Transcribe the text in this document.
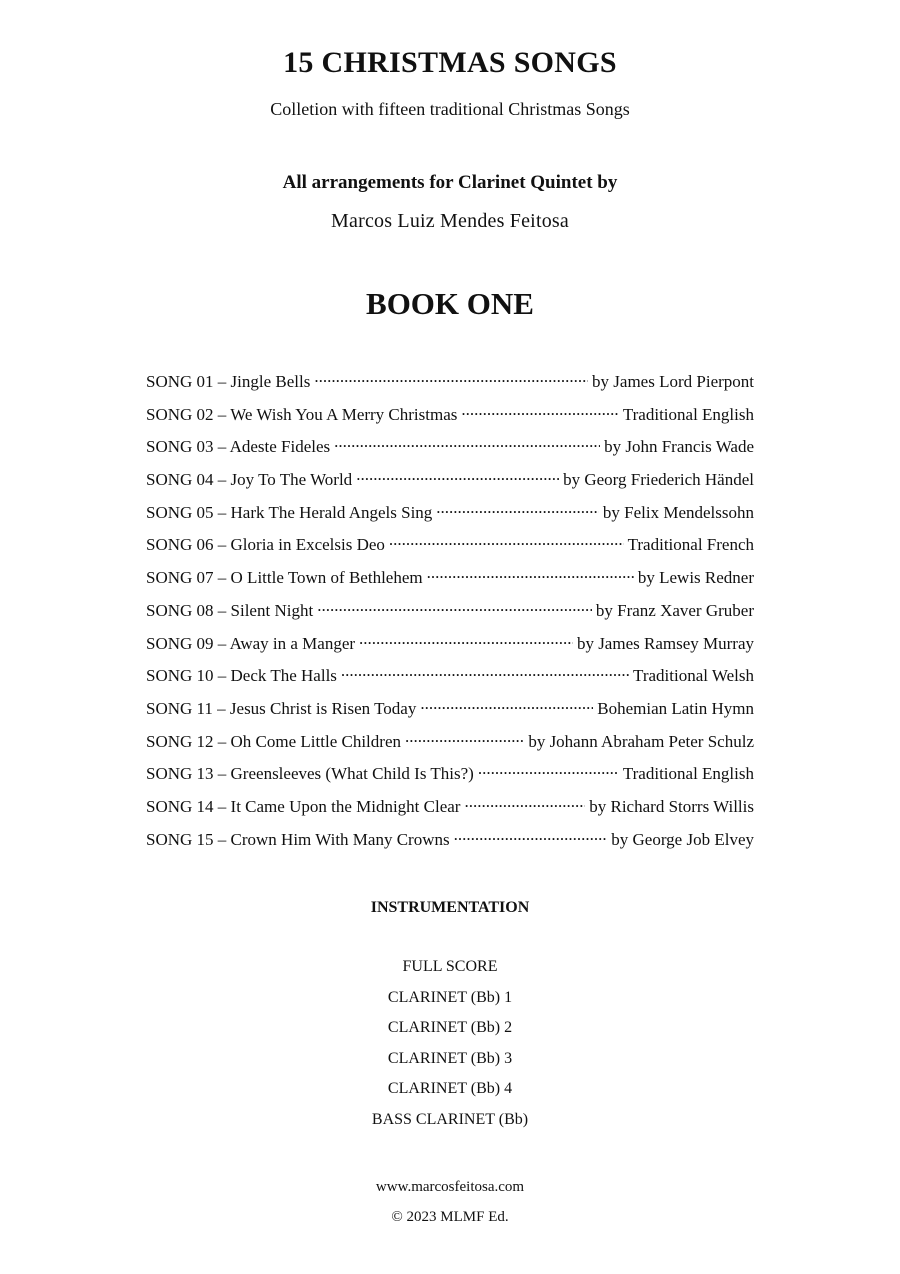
15 CHRISTMAS SONGS
Colletion with fifteen traditional Christmas Songs
All arrangements for Clarinet Quintet by
Marcos Luiz Mendes Feitosa
BOOK ONE
SONG 01 – Jingle Bells .....	by James Lord Pierpont
SONG 02 – We Wish You A Merry Christmas .....	Traditional English
SONG 03 – Adeste Fideles .....	by John Francis Wade
SONG 04 – Joy To The World .....	by Georg Friederich Händel
SONG 05 – Hark The Herald Angels Sing .....	by Felix Mendelssohn
SONG 06 – Gloria in Excelsis Deo .....	Traditional French
SONG 07 – O Little Town of Bethlehem .....	by Lewis Redner
SONG 08 – Silent Night .....	by Franz Xaver Gruber
SONG 09 – Away in a Manger .....	by James Ramsey Murray
SONG 10 – Deck The Halls .....	Traditional Welsh
SONG 11 – Jesus Christ is Risen Today .....	Bohemian Latin Hymn
SONG 12 – Oh Come Little Children .....	by Johann Abraham Peter Schulz
SONG 13 – Greensleeves (What Child Is This?) .....	Traditional English
SONG 14 – It Came Upon the Midnight Clear .....	by Richard Storrs Willis
SONG 15 – Crown Him With Many Crowns .....	by George Job Elvey
INSTRUMENTATION
FULL SCORE
CLARINET (Bb) 1
CLARINET (Bb) 2
CLARINET (Bb) 3
CLARINET (Bb) 4
BASS CLARINET (Bb)
www.marcosfeitosa.com
© 2023 MLMF Ed.
